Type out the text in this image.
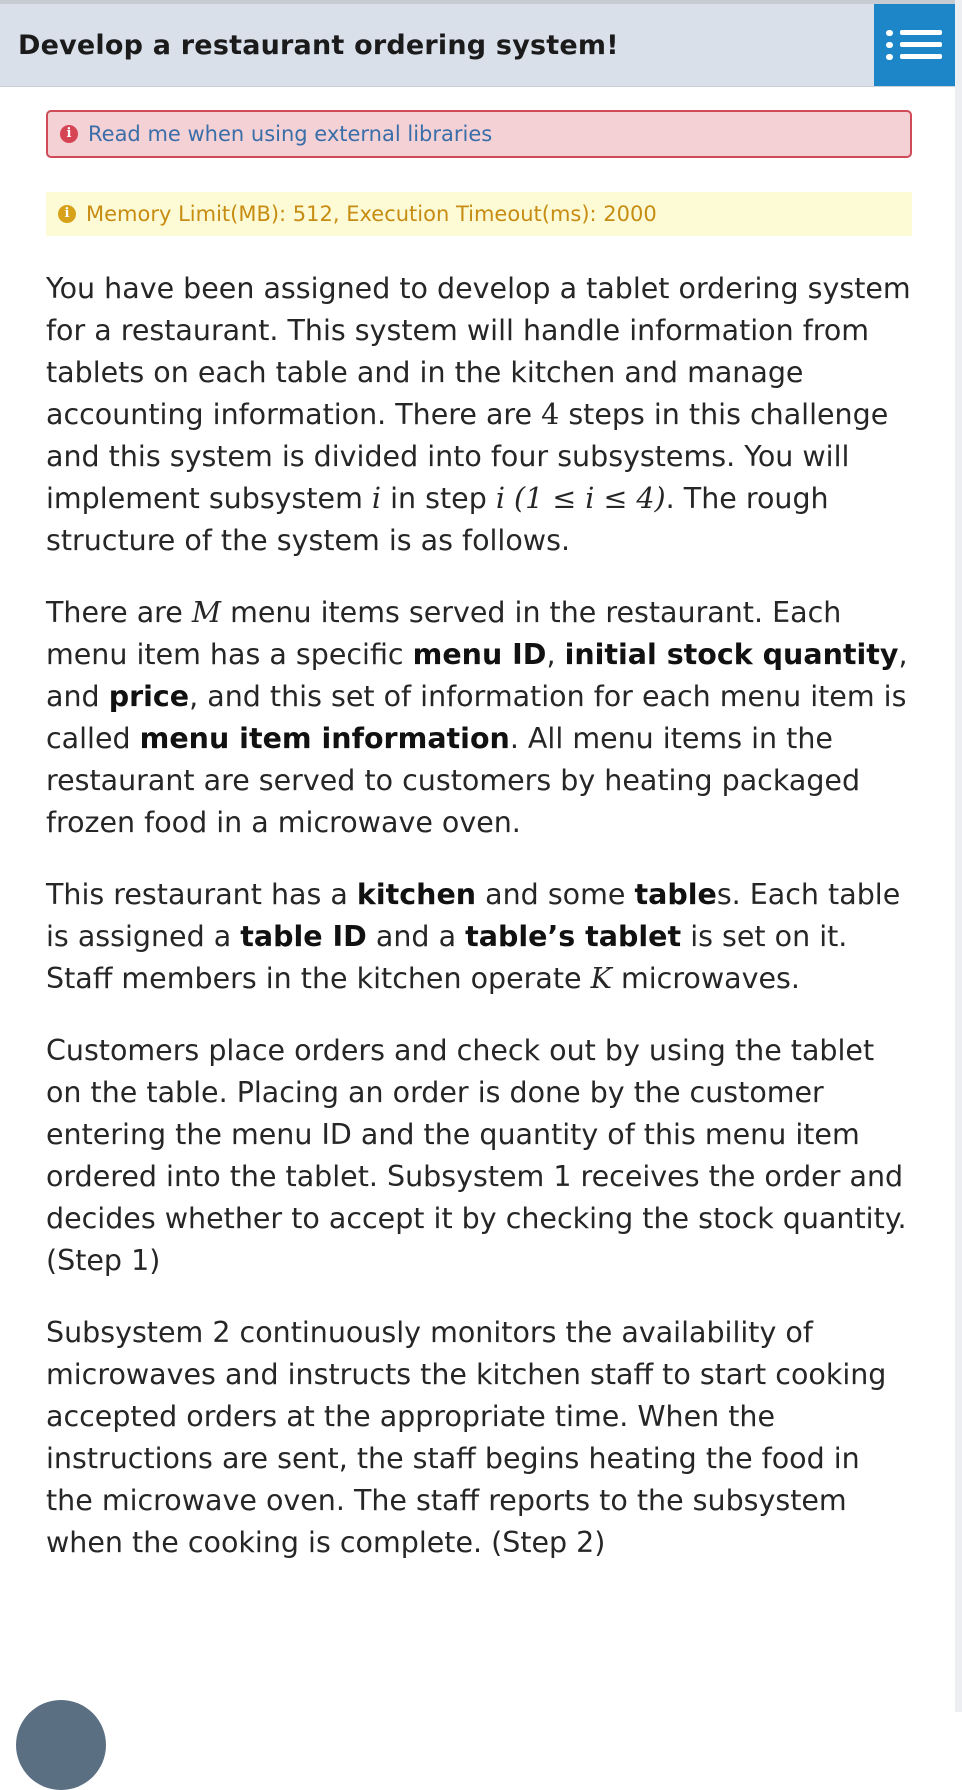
Develop a restaurant ordering system!
i Read me when using external libraries
i Memory Limit(MB): 512, Execution Timeout(ms): 2000

You have been assigned to develop a tablet ordering system for a restaurant. This system will handle information from tablets on each table and in the kitchen and manage accounting information. There are 4 steps in this challenge and this system is divided into four subsystems. You will implement subsystem i in step i (1 ≤ i ≤ 4). The rough structure of the system is as follows.

There are M menu items served in the restaurant. Each menu item has a specific menu ID, initial stock quantity, and price, and this set of information for each menu item is called menu item information. All menu items in the restaurant are served to customers by heating packaged frozen food in a microwave oven.

This restaurant has a kitchen and some tables. Each table is assigned a table ID and a table’s tablet is set on it. Staff members in the kitchen operate K microwaves.

Customers place orders and check out by using the tablet on the table. Placing an order is done by the customer entering the menu ID and the quantity of this menu item ordered into the tablet. Subsystem 1 receives the order and decides whether to accept it by checking the stock quantity. (Step 1)

Subsystem 2 continuously monitors the availability of microwaves and instructs the kitchen staff to start cooking accepted orders at the appropriate time. When the instructions are sent, the staff begins heating the food in the microwave oven. The staff reports to the subsystem when the cooking is complete. (Step 2)
